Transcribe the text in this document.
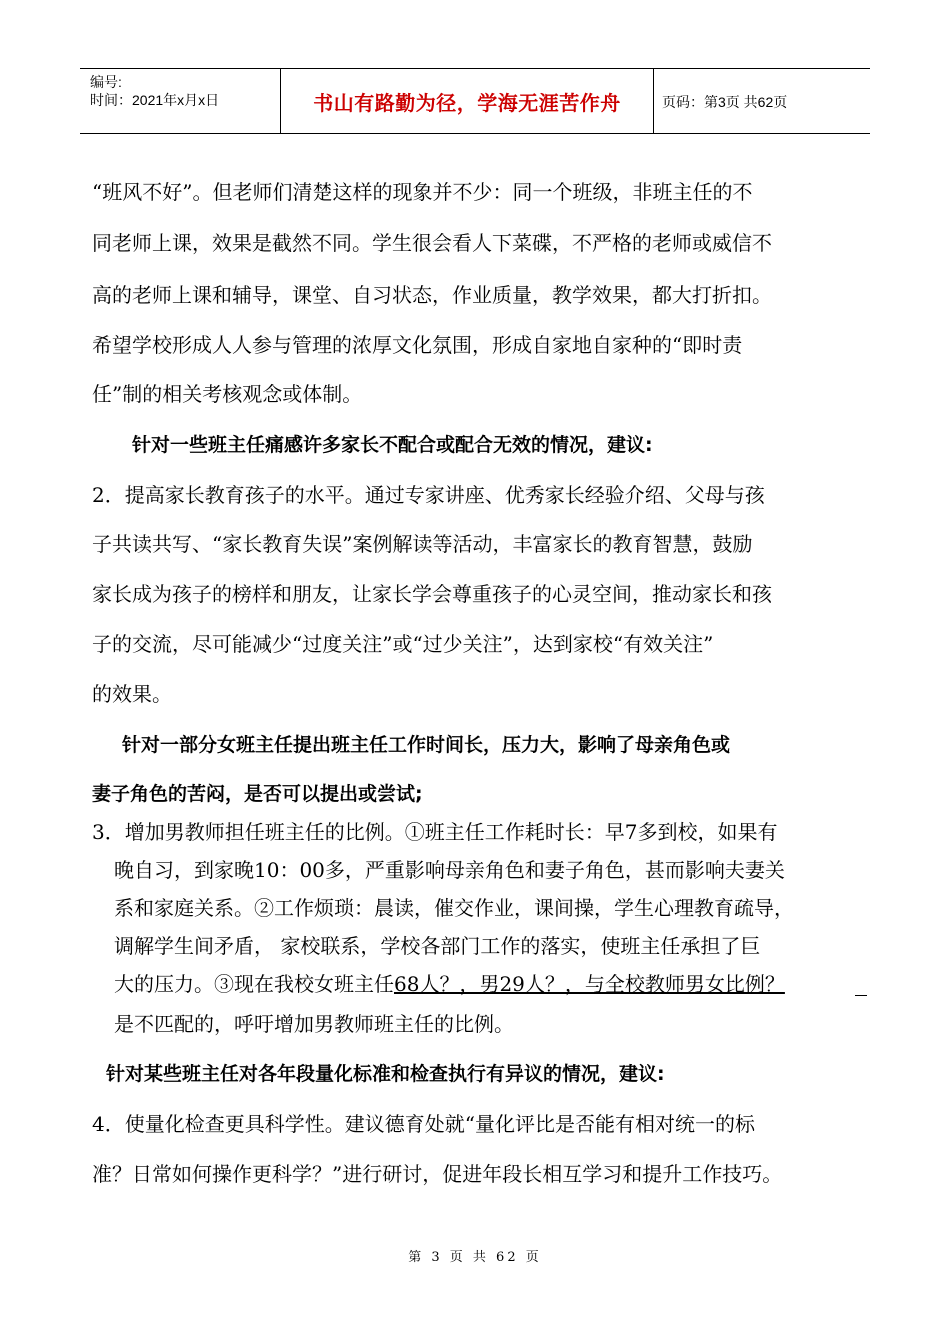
编号:
时间：2021年x月x日	书山有路勤为径，学海无涯苦作舟	页码：第3页 共62页
“班风不好”。但老师们清楚这样的现象并不少：同一个班级，非班主任的不
同老师上课，效果是截然不同。学生很会看人下菜碟，不严格的老师或威信不
高的老师上课和辅导，课堂、自习状态，作业质量，教学效果，都大打折扣。
希望学校形成人人参与管理的浓厚文化氛围，形成自家地自家种的“即时责
任”制的相关考核观念或体制。
针对一些班主任痛感许多家长不配合或配合无效的情况，建议:
2．提高家长教育孩子的水平。通过专家讲座、优秀家长经验介绍、父母与孩
子共读共写、“家长教育失误”案例解读等活动，丰富家长的教育智慧，鼓励
家长成为孩子的榜样和朋友，让家长学会尊重孩子的心灵空间，推动家长和孩
子的交流，尽可能减少“过度关注”或“过少关注”，达到家校“有效关注”
的效果。
针对一部分女班主任提出班主任工作时间长，压力大，影响了母亲角色或
妻子角色的苦闷，是否可以提出或尝试;
3．增加男教师担任班主任的比例。①班主任工作耗时长：早7多到校，如果有
晚自习，到家晚10：00多，严重影响母亲角色和妻子角色，甚而影响夫妻关
系和家庭关系。②工作烦琐：晨读，催交作业，课间操，学生心理教育疏导，
调解学生间矛盾， 家校联系，学校各部门工作的落实，使班主任承担了巨
大的压力。③现在我校女班主任68人？，男29人？，与全校教师男女比例？
是不匹配的，呼吁增加男教师班主任的比例。
针对某些班主任对各年段量化标准和检查执行有异议的情况，建议:
4．使量化检查更具科学性。建议德育处就“量化评比是否能有相对统一的标
准？日常如何操作更科学？”进行研讨，促进年段长相互学习和提升工作技巧。
第 3 页 共 62 页
